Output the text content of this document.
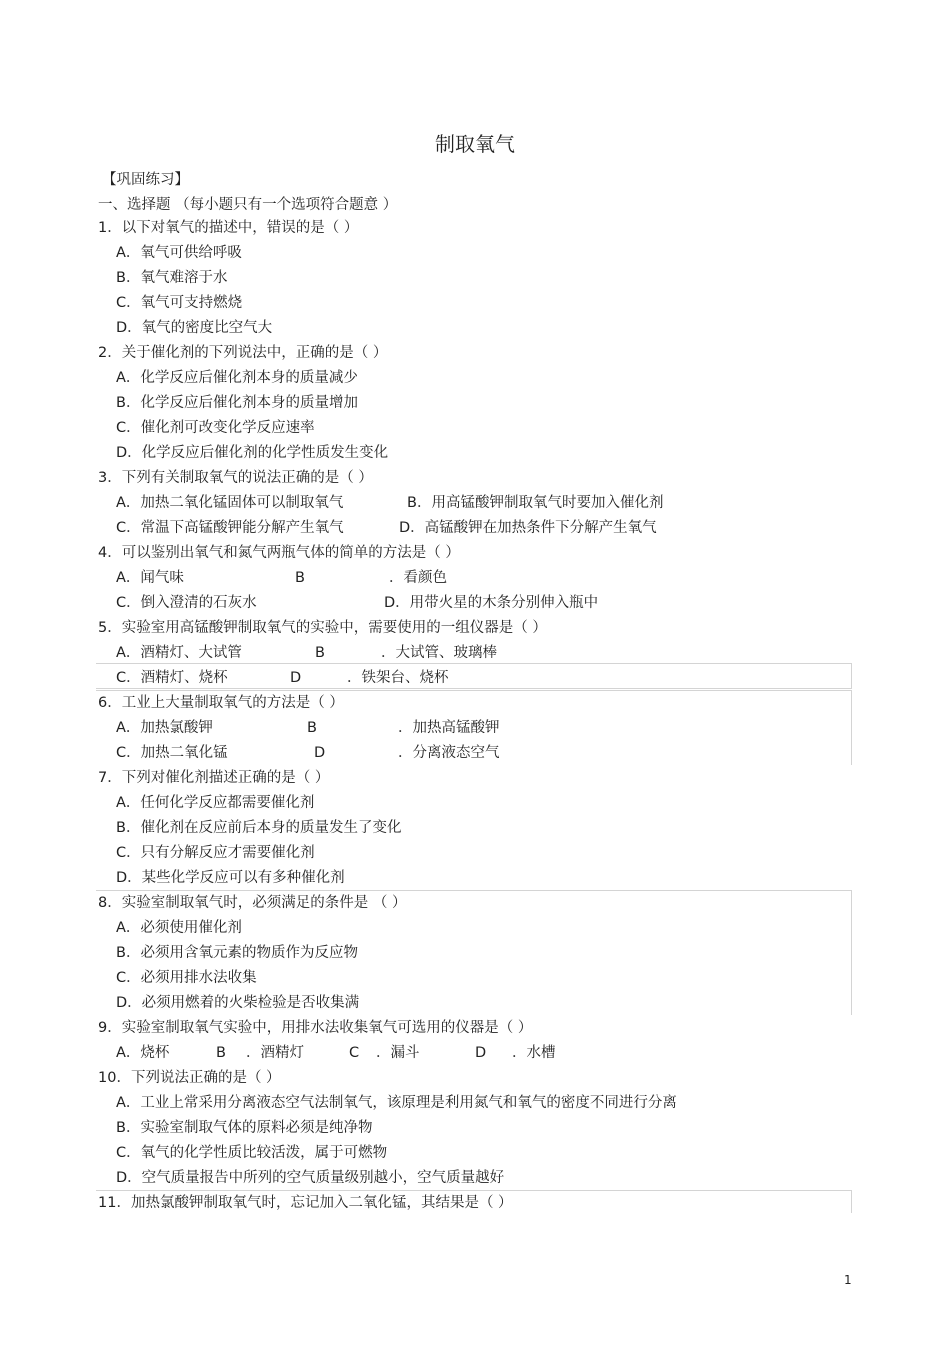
制取氧气
【巩固练习】
一、选择题 （每小题只有一个选项符合题意 ）
1．以下对氧气的描述中，错误的是（ ）
A．氧气可供给呼吸
B．氧气难溶于水
C．氧气可支持燃烧
D．氧气的密度比空气大
2．关于催化剂的下列说法中，正确的是（ ）
A．化学反应后催化剂本身的质量减少
B．化学反应后催化剂本身的质量增加
C．催化剂可改变化学反应速率
D．化学反应后催化剂的化学性质发生变化
3．下列有关制取氧气的说法正确的是（ ）
A．加热二氧化锰固体可以制取氧气	B．用高锰酸钾制取氧气时要加入催化剂
C．常温下高锰酸钾能分解产生氧气	D．高锰酸钾在加热条件下分解产生氧气
4．可以鉴别出氧气和氮气两瓶气体的简单的方法是（ ）
A．闻气味	B	．看颜色
C．倒入澄清的石灰水	D．用带火星的木条分别伸入瓶中
5．实验室用高锰酸钾制取氧气的实验中，需要使用的一组仪器是（ ）
A．酒精灯、大试管	B	．大试管、玻璃棒
C．酒精灯、烧杯	D	．铁架台、烧杯
6．工业上大量制取氧气的方法是（ ）
A．加热氯酸钾	B	．加热高锰酸钾
C．加热二氧化锰	D	．分离液态空气
7．下列对催化剂描述正确的是（ ）
A．任何化学反应都需要催化剂
B．催化剂在反应前后本身的质量发生了变化
C．只有分解反应才需要催化剂
D．某些化学反应可以有多种催化剂
8．实验室制取氧气时，必须满足的条件是 （ ）
A．必须使用催化剂
B．必须用含氧元素的物质作为反应物
C．必须用排水法收集
D．必须用燃着的火柴检验是否收集满
9．实验室制取氧气实验中，用排水法收集氧气可选用的仪器是（ ）
A．烧杯	B ．酒精灯	C ．漏斗	D ．水槽
10．下列说法正确的是（ ）
A．工业上常采用分离液态空气法制氧气，该原理是利用氮气和氧气的密度不同进行分离
B．实验室制取气体的原料必须是纯净物
C．氧气的化学性质比较活泼，属于可燃物
D．空气质量报告中所列的空气质量级别越小，空气质量越好
11．加热氯酸钾制取氧气时，忘记加入二氧化锰，其结果是（ ）
1
